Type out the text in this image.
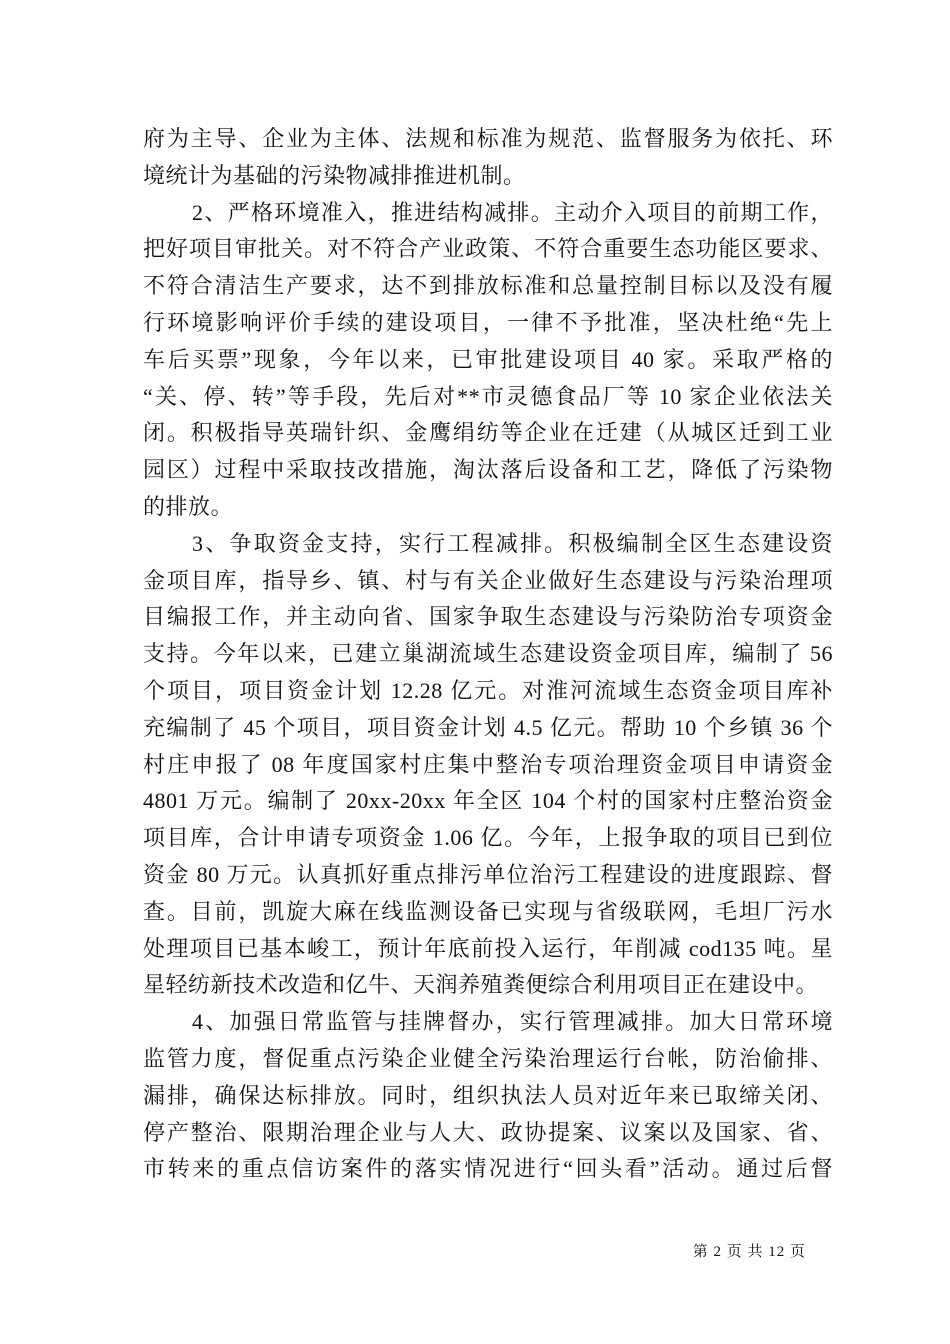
府为主导、企业为主体、法规和标准为规范、监督服务为依托、环
境统计为基础的污染物减排推进机制。
2、严格环境准入，推进结构减排。主动介入项目的前期工作，
把好项目审批关。对不符合产业政策、不符合重要生态功能区要求、
不符合清洁生产要求，达不到排放标准和总量控制目标以及没有履
行环境影响评价手续的建设项目，一律不予批准，坚决杜绝“先上
车后买票”现象，今年以来，已审批建设项目 40 家。采取严格的
“关、停、转”等手段，先后对**市灵德食品厂等 10 家企业依法关
闭。积极指导英瑞针织、金鹰绢纺等企业在迁建（从城区迁到工业
园区）过程中采取技改措施，淘汰落后设备和工艺，降低了污染物
的排放。
3、争取资金支持，实行工程减排。积极编制全区生态建设资
金项目库，指导乡、镇、村与有关企业做好生态建设与污染治理项
目编报工作，并主动向省、国家争取生态建设与污染防治专项资金
支持。今年以来，已建立巢湖流域生态建设资金项目库，编制了 56
个项目，项目资金计划 12.28 亿元。对淮河流域生态资金项目库补
充编制了 45 个项目，项目资金计划 4.5 亿元。帮助 10 个乡镇 36 个
村庄申报了 08 年度国家村庄集中整治专项治理资金项目申请资金
4801 万元。编制了 20xx-20xx 年全区 104 个村的国家村庄整治资金
项目库，合计申请专项资金 1.06 亿。今年，上报争取的项目已到位
资金 80 万元。认真抓好重点排污单位治污工程建设的进度跟踪、督
查。目前，凯旋大麻在线监测设备已实现与省级联网，毛坦厂污水
处理项目已基本峻工，预计年底前投入运行，年削减 cod135 吨。星
星轻纺新技术改造和亿牛、天润养殖粪便综合利用项目正在建设中。
4、加强日常监管与挂牌督办，实行管理减排。加大日常环境
监管力度，督促重点污染企业健全污染治理运行台帐，防治偷排、
漏排，确保达标排放。同时，组织执法人员对近年来已取缔关闭、
停产整治、限期治理企业与人大、政协提案、议案以及国家、省、
市转来的重点信访案件的落实情况进行“回头看”活动。通过后督
第 2 页 共 12 页
